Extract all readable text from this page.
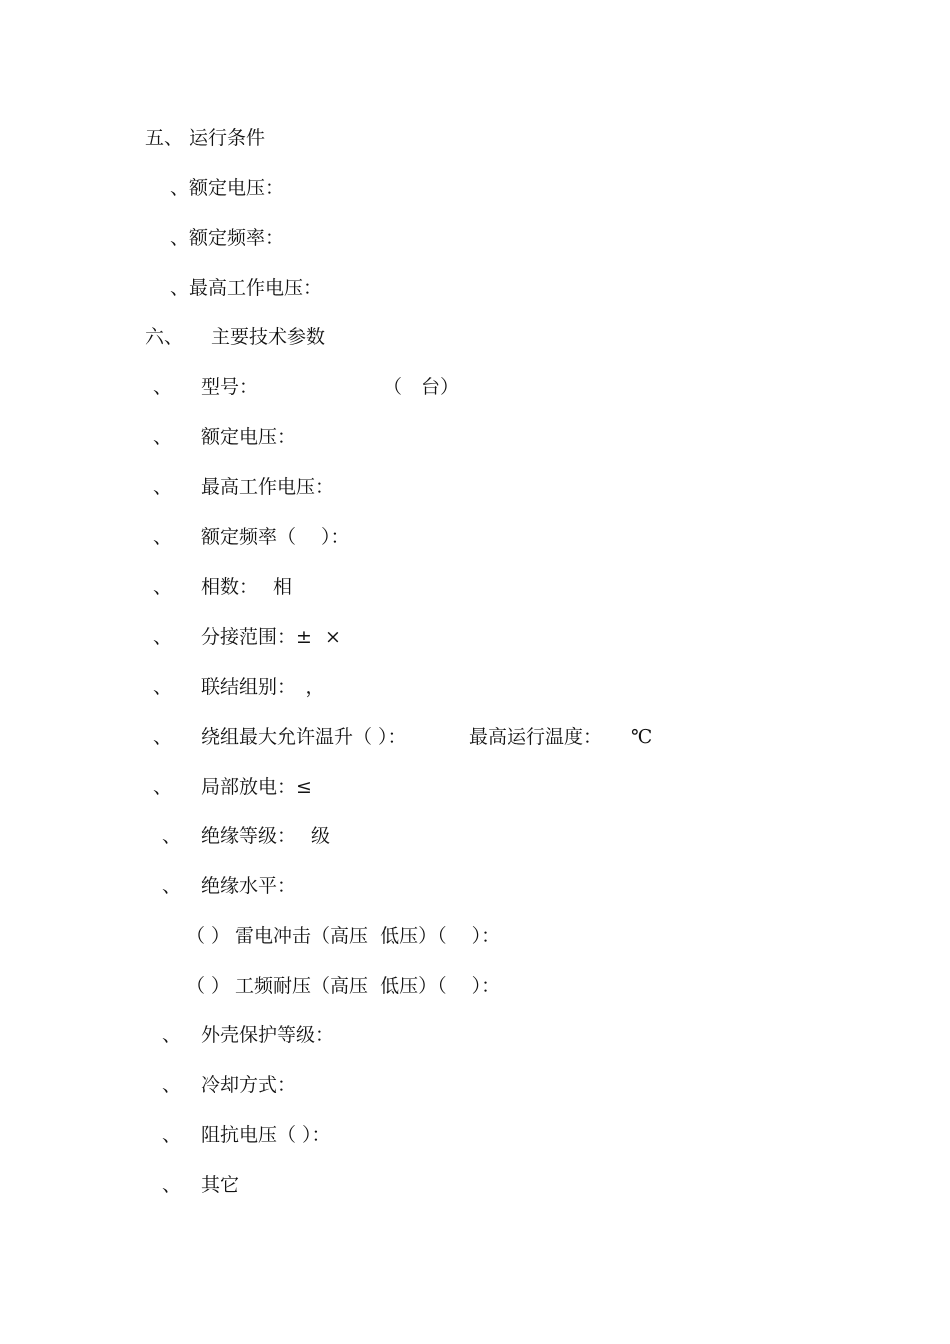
五、 运行条件
、额定电压：
、额定频率：
、最高工作电压：

六、

主要技术参数

、

型号：

	（　台）

、

额定电压：

、

最高工作电压：

、

额定频率（　 ）：

、

相数：

相

、

分接范围：±

×

、

联结组别：　，

、

绕组最大允许温升（ ）：

	最高运行温度：

℃

、

局部放电：≤

、

绝缘等级：

级

、

绝缘水平：

（ ）

雷电冲击（高压  低压）（　 ）：

（ ）

工频耐压（高压  低压）（　 ）：

、

外壳保护等级：

、

冷却方式：

、

阻抗电压（ ）：

、

其它
